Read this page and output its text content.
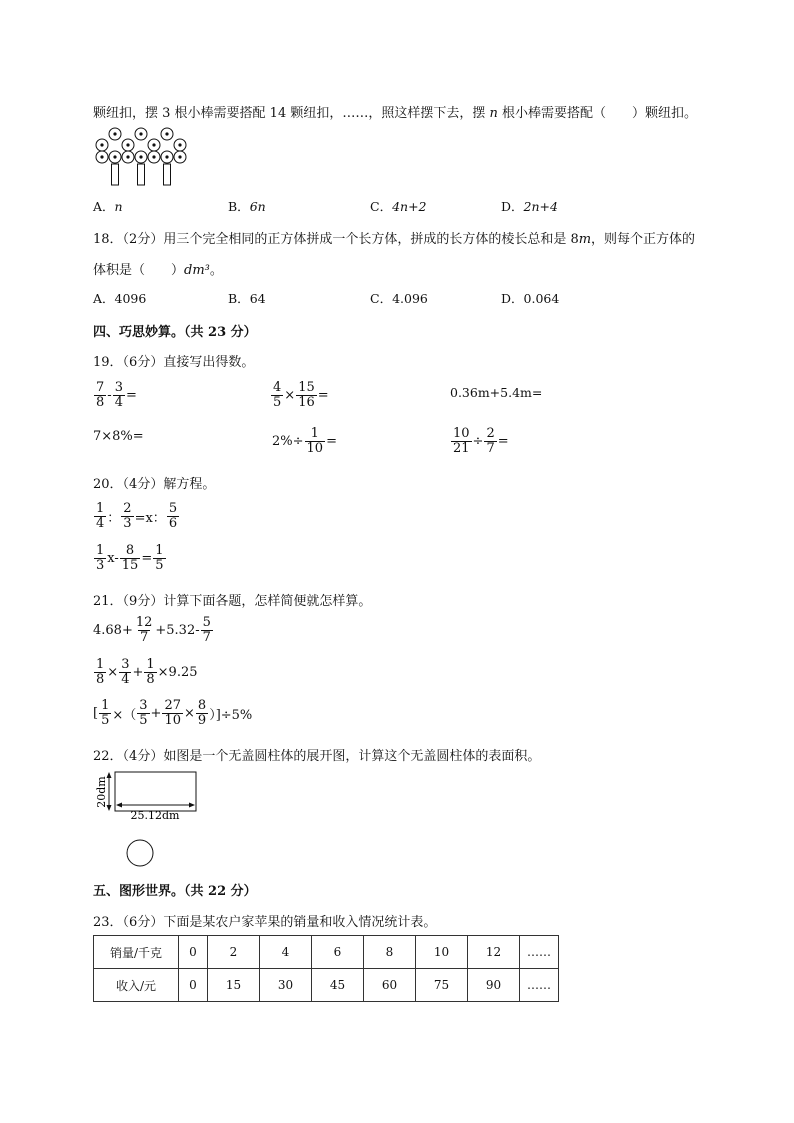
颗纽扣，摆 3 根小棒需要搭配 14 颗纽扣，……，照这样摆下去，摆 n 根小棒需要搭配（　　）颗纽扣。
A．n	B．6n	C．4n+2	D．2n+4
18．（2分）用三个完全相同的正方体拼成一个长方体，拼成的长方体的棱长总和是 8m，则每个正方体的
体积是（　　）dm³。
A．4096	B．64	C．4.096	D．0.064
四、巧思妙算。（共 23 分）
19．（6分）直接写出得数。
$\frac{7}{8} - \frac{3}{4}$ =	$\frac{4}{5} \times \frac{15}{16}$ =	0.36m+5.4m=
7×8%=	$2\%\div \frac{1}{10}$ =	$\frac{10}{21} \div \frac{2}{7}$ =
20．（4分）解方程。
$\frac{1}{4}$ ： $\frac{2}{3} =x$： $\frac{5}{6}$
$\frac{1}{3} x- \frac{8}{15} = \frac{1}{5}$
21．（9分）计算下面各题，怎样简便就怎样算。
$4.68+ \frac{12}{7} +5.32- \frac{5}{7}$
$\frac{1}{8} \times \frac{3}{4} + \frac{1}{8} \times 9.25$
[ $\frac{1}{5}$ ×（ $\frac{3}{5} + \frac{27}{10} \times \frac{8}{9} )]\div 5\%$
22．（4分）如图是一个无盖圆柱体的展开图，计算这个无盖圆柱体的表面积。
20dm
25.12dm
五、图形世界。（共 22 分）
23．（6分）下面是某农户家苹果的销量和收入情况统计表。
销量/千克	0	2	4	6	8	10	12	……
收入/元	0	15	30	45	60	75	90	……
